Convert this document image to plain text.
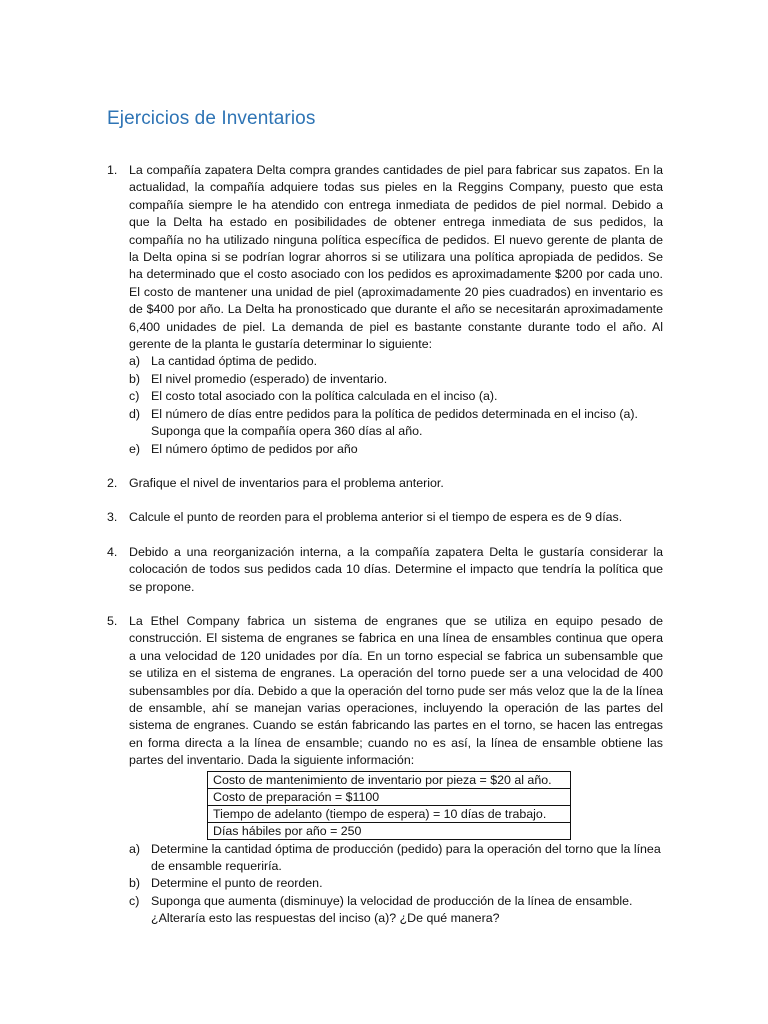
Ejercicios de Inventarios
1. La compañía zapatera Delta compra grandes cantidades de piel para fabricar sus zapatos. En la actualidad, la compañía adquiere todas sus pieles en la Reggins Company, puesto que esta compañía siempre le ha atendido con entrega inmediata de pedidos de piel normal. Debido a que la Delta ha estado en posibilidades de obtener entrega inmediata de sus pedidos, la compañía no ha utilizado ninguna política específica de pedidos. El nuevo gerente de planta de la Delta opina si se podrían lograr ahorros si se utilizara una política apropiada de pedidos. Se ha determinado que el costo asociado con los pedidos es aproximadamente $200 por cada uno. El costo de mantener una unidad de piel (aproximadamente 20 pies cuadrados) en inventario es de $400 por año. La Delta ha pronosticado que durante el año se necesitarán aproximadamente 6,400 unidades de piel. La demanda de piel es bastante constante durante todo el año. Al gerente de la planta le gustaría determinar lo siguiente:

a) La cantidad óptima de pedido.
b) El nivel promedio (esperado) de inventario.
c) El costo total asociado con la política calculada en el inciso (a).
d) El número de días entre pedidos para la política de pedidos determinada en el inciso (a). Suponga que la compañía opera 360 días al año.
e) El número óptimo de pedidos por año
2. Grafique el nivel de inventarios para el problema anterior.

3. Calcule el punto de reorden para el problema anterior si el tiempo de espera es de 9 días.

4. Debido a una reorganización interna, a la compañía zapatera Delta le gustaría considerar la colocación de todos sus pedidos cada 10 días. Determine el impacto que tendría la política que se propone.

5. La Ethel Company fabrica un sistema de engranes que se utiliza en equipo pesado de construcción. El sistema de engranes se fabrica en una línea de ensambles continua que opera a una velocidad de 120 unidades por día. En un torno especial se fabrica un subensamble que se utiliza en el sistema de engranes. La operación del torno puede ser a una velocidad de 400 subensambles por día. Debido a que la operación del torno pude ser más veloz que la de la línea de ensamble, ahí se manejan varias operaciones, incluyendo la operación de las partes del sistema de engranes. Cuando se están fabricando las partes en el torno, se hacen las entregas en forma directa a la línea de ensamble; cuando no es así, la línea de ensamble obtiene las partes del inventario. Dada la siguiente información:

Costo de mantenimiento de inventario por pieza = $20 al año.
Costo de preparación = $1100
Tiempo de adelanto (tiempo de espera) = 10 días de trabajo.
Días hábiles por año = 250
a) Determine la cantidad óptima de producción (pedido) para la operación del torno que la línea de ensamble requeriría.
b) Determine el punto de reorden.
c) Suponga que aumenta (disminuye) la velocidad de producción de la línea de ensamble. ¿Alteraría esto las respuestas del inciso (a)? ¿De qué manera?
